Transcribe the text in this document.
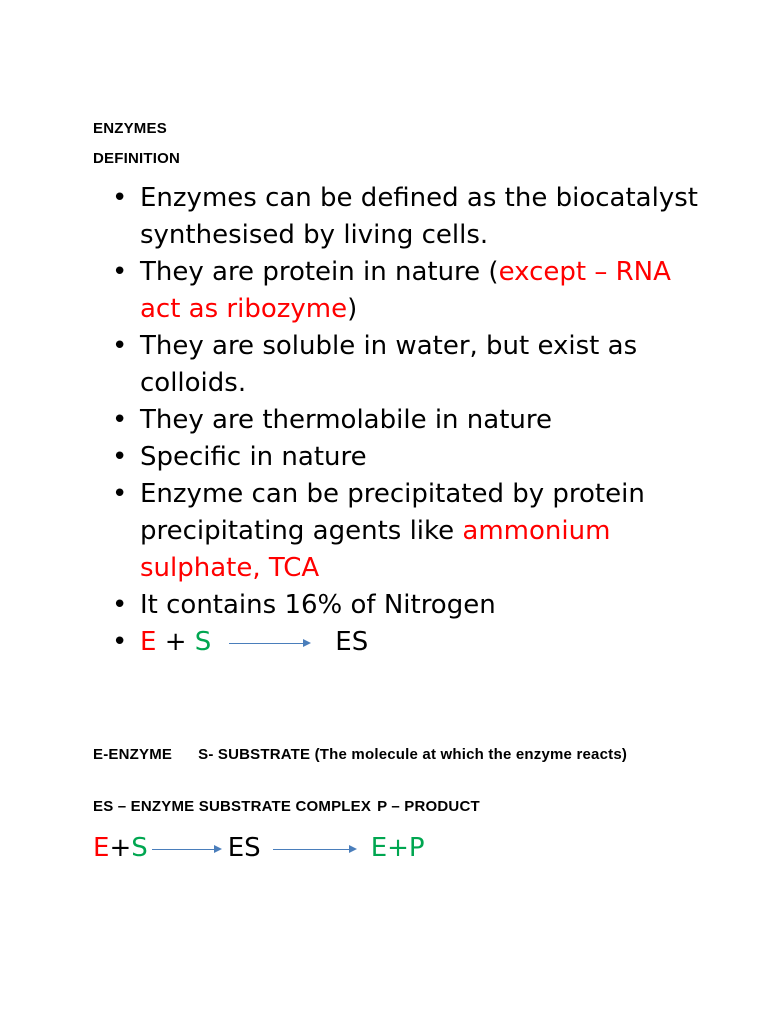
ENZYMES
DEFINITION
• Enzymes can be defined as the biocatalyst synthesised by living cells.
• They are protein in nature (except – RNA act as ribozyme)
• They are soluble in water, but exist as colloids.
• They are thermolabile in nature
• Specific in nature
• Enzyme can be precipitated by protein precipitating agents like ammonium sulphate, TCA
• It contains 16% of Nitrogen
• E + S	ES
E-ENZYME S- SUBSTRATE (The molecule at which the enzyme reacts)
ES – ENZYME SUBSTRATE COMPLEX P – PRODUCT
E+S	ES	E+P
